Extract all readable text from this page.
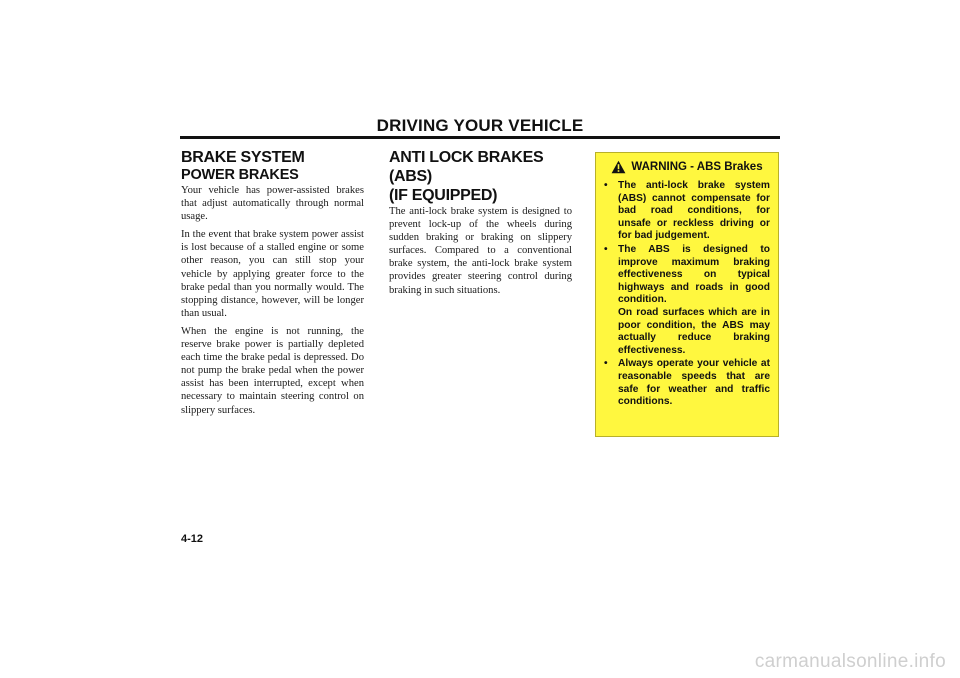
DRIVING YOUR VEHICLE
BRAKE SYSTEM
POWER BRAKES

Your vehicle has power-assisted brakes that adjust automatically through normal usage.

In the event that brake system power assist is lost because of a stalled engine or some other reason, you can still stop your vehicle by applying greater force to the brake pedal than you normally would. The stopping distance, however, will be longer than usual.

When the engine is not running, the reserve brake power is partially depleted each time the brake pedal is depressed. Do not pump the brake pedal when the power assist has been interrupted, except when necessary to maintain steering control on slippery surfaces.

ANTI LOCK BRAKES (ABS)
(IF EQUIPPED)

The anti-lock brake system is designed to prevent lock-up of the wheels during sudden braking or braking on slippery surfaces. Compared to a conventional brake system, the anti-lock brake system provides greater steering control during braking in such situations.

WARNING - ABS Brakes
• The anti-lock brake system (ABS) cannot compensate for bad road conditions, for unsafe or reckless driving or for bad judgement.
• The ABS is designed to improve maximum braking effectiveness on typical highways and roads in good condition.
On road surfaces which are in poor condition, the ABS may actually reduce braking effectiveness.
• Always operate your vehicle at reasonable speeds that are safe for weather and traffic conditions.
4-12
carmanualsonline.info
